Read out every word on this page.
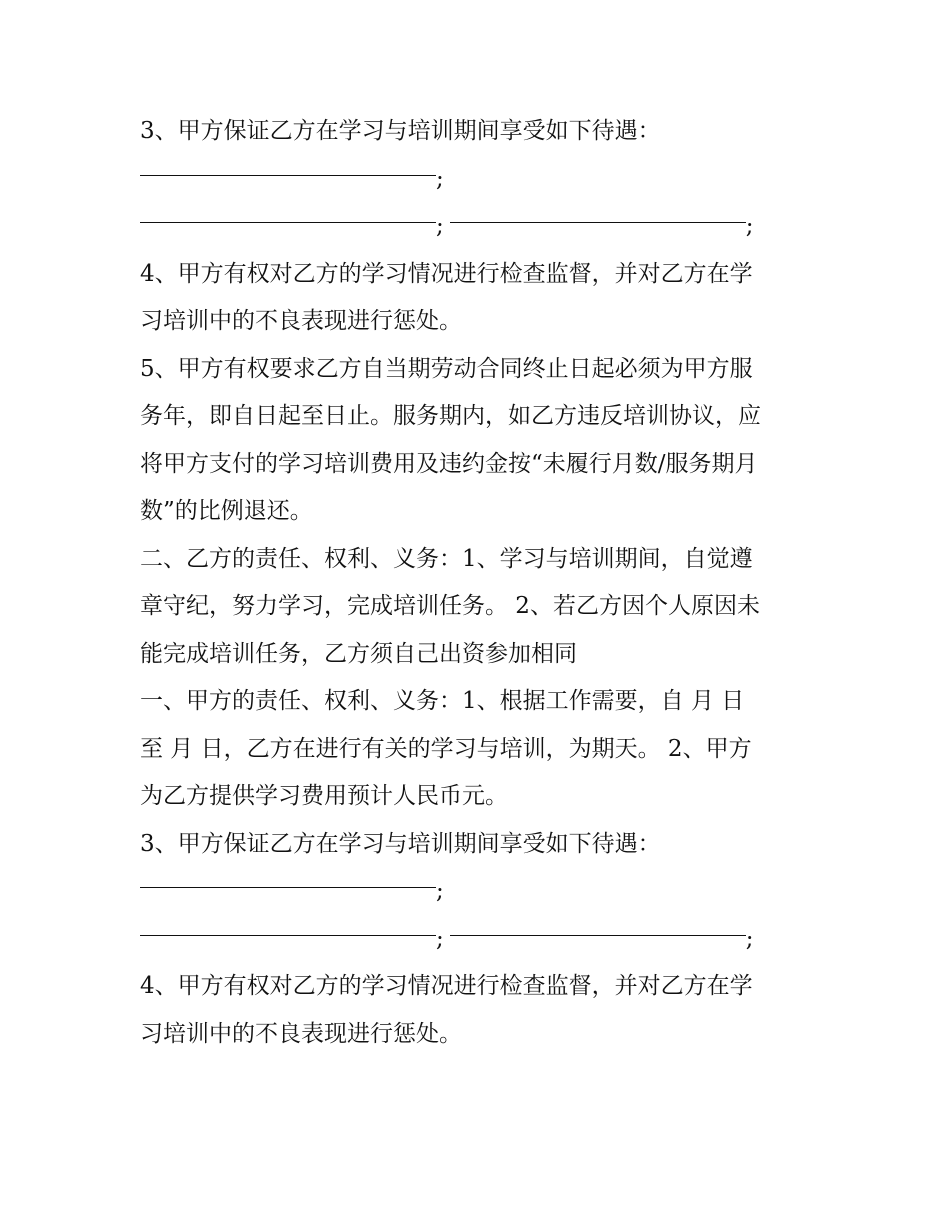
3、甲方保证乙方在学习与培训期间享受如下待遇：
;
;	;
4、甲方有权对乙方的学习情况进行检查监督，并对乙方在学
习培训中的不良表现进行惩处。
5、甲方有权要求乙方自当期劳动合同终止日起必须为甲方服
务年，即自日起至日止。服务期内，如乙方违反培训协议，应
将甲方支付的学习培训费用及违约金按“未履行月数/服务期月
数”的比例退还。
二、乙方的责任、权利、义务：1、学习与培训期间，自觉遵
章守纪，努力学习，完成培训任务。 2、若乙方因个人原因未
能完成培训任务，乙方须自己出资参加相同
一、甲方的责任、权利、义务：1、根据工作需要，自 月 日
至 月 日，乙方在进行有关的学习与培训，为期天。 2、甲方
为乙方提供学习费用预计人民币元。
3、甲方保证乙方在学习与培训期间享受如下待遇：
;
;	;
4、甲方有权对乙方的学习情况进行检查监督，并对乙方在学
习培训中的不良表现进行惩处。
